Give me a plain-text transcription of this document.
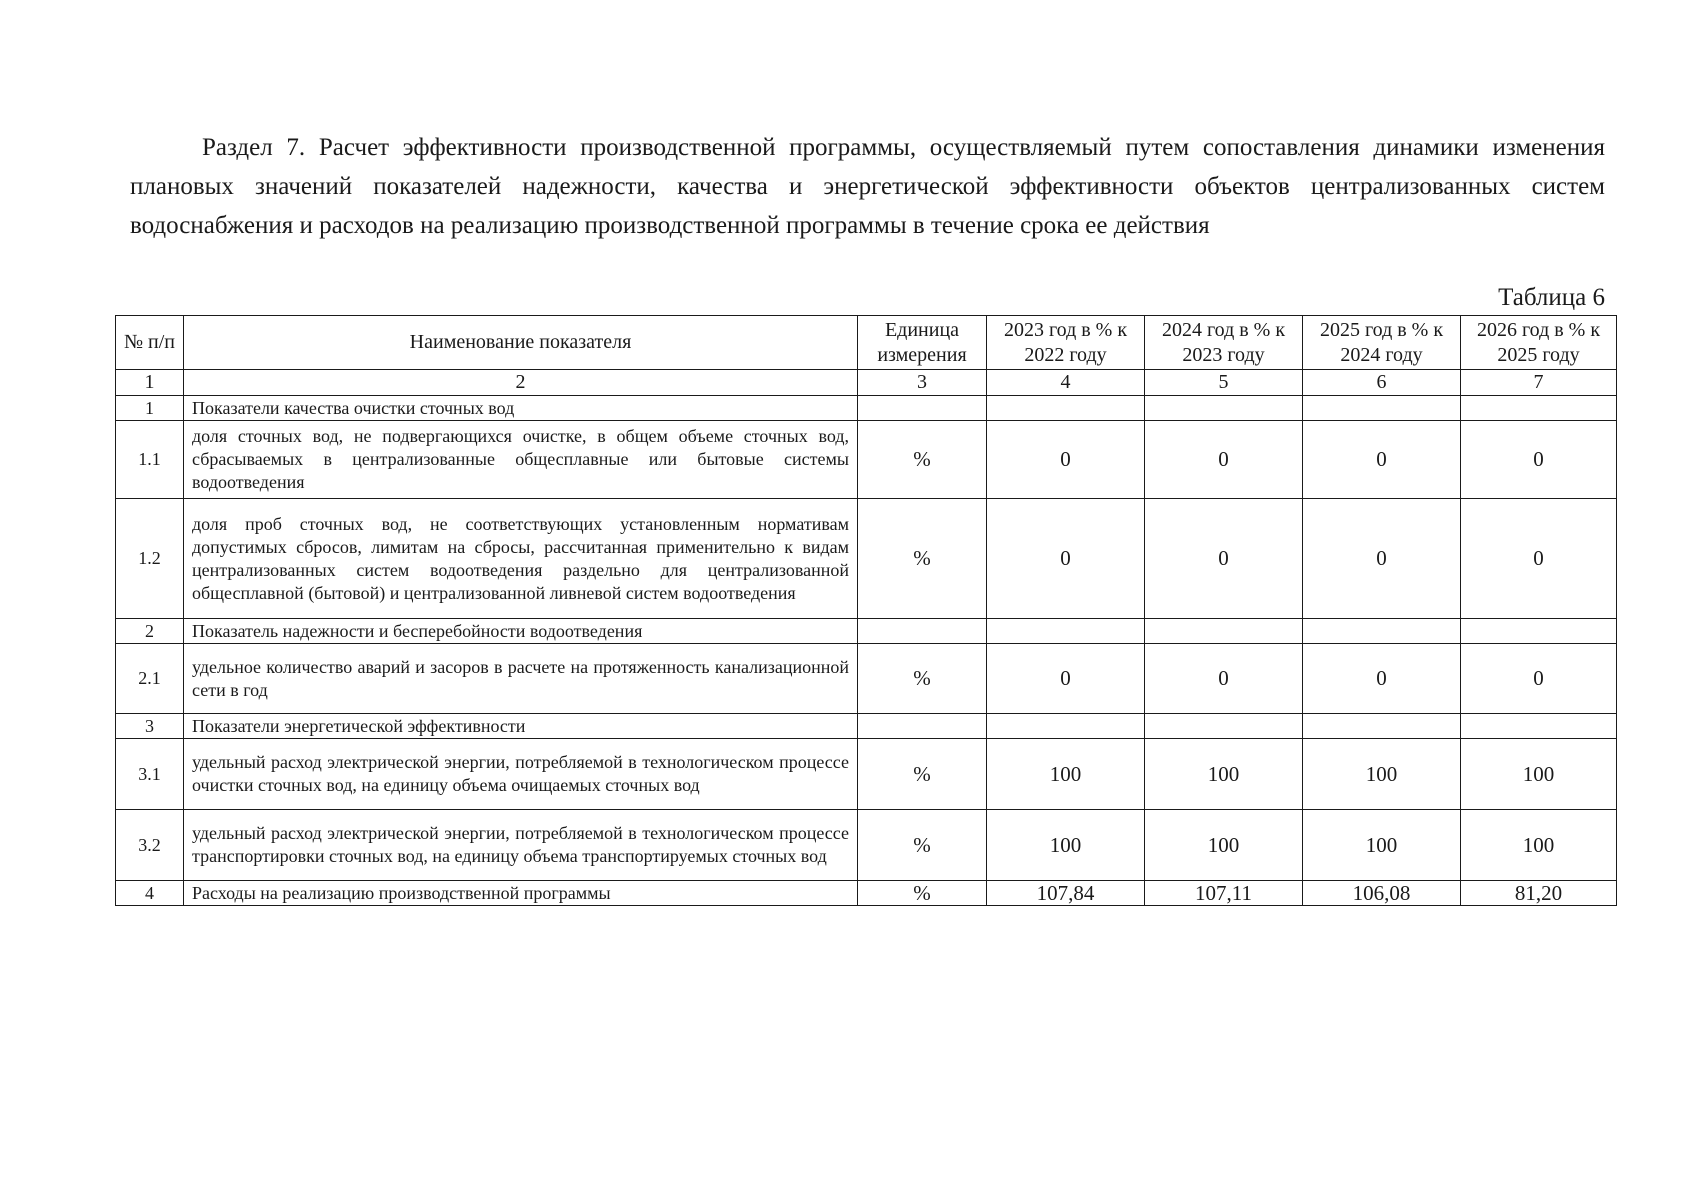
Раздел 7. Расчет эффективности производственной программы, осуществляемый путем сопоставления динамики изменения плановых значений показателей надежности, качества и энергетической эффективности объектов централизованных систем водоснабжения и расходов на реализацию производственной программы в течение срока ее действия

Таблица 6
№ п/п	Наименование показателя	Единица измерения	2023 год в % к 2022 году	2024 год в % к 2023 году	2025 год в % к 2024 году	2026 год в % к 2025 году
1	2	3	4	5	6	7
1	Показатели качества очистки сточных вод					
1.1	доля сточных вод, не подвергающихся очистке, в общем объеме сточных вод, сбрасываемых в централизованные общесплавные или бытовые системы водоотведения	%	0	0	0	0
1.2	доля проб сточных вод, не соответствующих установленным нормативам допустимых сбросов, лимитам на сбросы, рассчитанная применительно к видам централизованных систем водоотведения раздельно для централизованной общесплавной (бытовой) и централизованной ливневой систем водоотведения	%	0	0	0	0
2	Показатель надежности и бесперебойности водоотведения					
2.1	удельное количество аварий и засоров в расчете на протяженность канализационной сети в год	%	0	0	0	0
3	Показатели энергетической эффективности					
3.1	удельный расход электрической энергии, потребляемой в технологическом процессе очистки сточных вод, на единицу объема очищаемых сточных вод	%	100	100	100	100
3.2	удельный расход электрической энергии, потребляемой в технологическом процессе транспортировки сточных вод, на единицу объема транспортируемых сточных вод	%	100	100	100	100
4	Расходы на реализацию производственной программы	%	107,84	107,11	106,08	81,20
